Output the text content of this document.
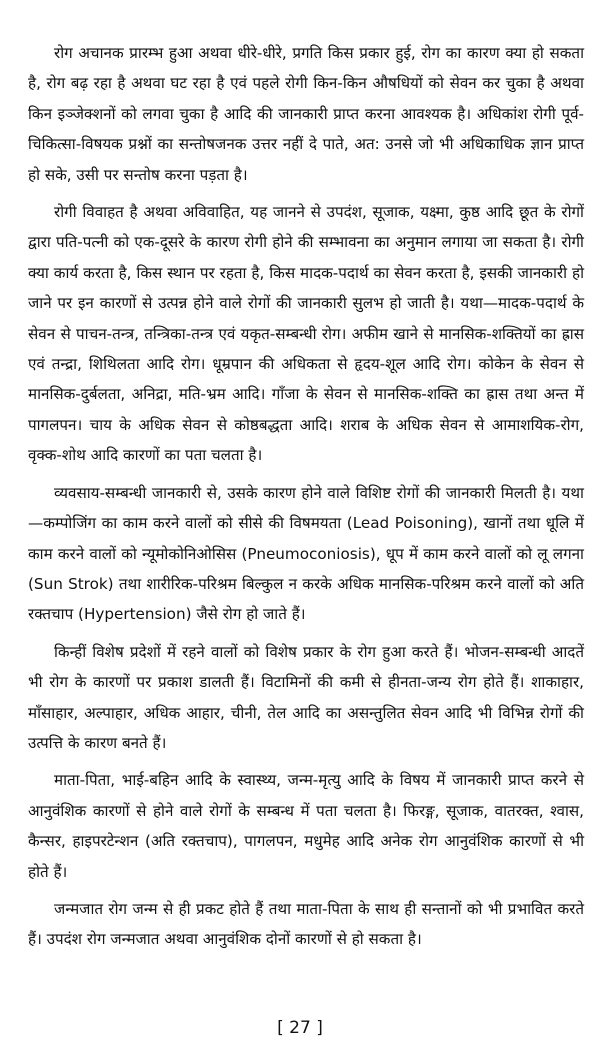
रोग अचानक प्रारम्भ हुआ अथवा धीरे-धीरे, प्रगति किस प्रकार हुई, रोग का कारण क्या हो सकता है, रोग बढ़ रहा है अथवा घट रहा है एवं पहले रोगी किन-किन औषधियों को सेवन कर चुका है अथवा किन इञ्जेक्शनों को लगवा चुका है आदि की जानकारी प्राप्त करना आवश्यक है। अधिकांश रोगी पूर्व-चिकित्सा-विषयक प्रश्नों का सन्तोषजनक उत्तर नहीं दे पाते, अत: उनसे जो भी अधिकाधिक ज्ञान प्राप्त हो सके, उसी पर सन्तोष करना पड़ता है।

रोगी विवाहत है अथवा अविवाहित, यह जानने से उपदंश, सूजाक, यक्ष्मा, कुष्ठ आदि छूत के रोगों द्वारा पति-पत्नी को एक-दूसरे के कारण रोगी होने की सम्भावना का अनुमान लगाया जा सकता है। रोगी क्या कार्य करता है, किस स्थान पर रहता है, किस मादक-पदार्थ का सेवन करता है, इसकी जानकारी हो जाने पर इन कारणों से उत्पन्न होने वाले रोगों की जानकारी सुलभ हो जाती है। यथा—मादक-पदार्थ के सेवन से पाचन-तन्त्र, तन्त्रिका-तन्त्र एवं यकृत-सम्बन्धी रोग। अफीम खाने से मानसिक-शक्तियों का ह्रास एवं तन्द्रा, शिथिलता आदि रोग। धूम्रपान की अधिकता से हृदय-शूल आदि रोग। कोकेन के सेवन से मानसिक-दुर्बलता, अनिद्रा, मति-भ्रम आदि। गाँजा के सेवन से मानसिक-शक्ति का ह्रास तथा अन्त में पागलपन। चाय के अधिक सेवन से कोष्ठबद्धता आदि। शराब के अधिक सेवन से आमाशयिक-रोग, वृक्क-शोथ आदि कारणों का पता चलता है।

व्यवसाय-सम्बन्धी जानकारी से, उसके कारण होने वाले विशिष्ट रोगों की जानकारी मिलती है। यथा—कम्पोजिंग का काम करने वालों को सीसे की विषमयता (Lead Poisoning), खानों तथा धूलि में काम करने वालों को न्यूमोकोनिओसिस (Pneumoconiosis), धूप में काम करने वालों को लू लगना (Sun Strok) तथा शारीरिक-परिश्रम बिल्कुल न करके अधिक मानसिक-परिश्रम करने वालों को अति रक्तचाप (Hypertension) जैसे रोग हो जाते हैं।

किन्हीं विशेष प्रदेशों में रहने वालों को विशेष प्रकार के रोग हुआ करते हैं। भोजन-सम्बन्धी आदतें भी रोग के कारणों पर प्रकाश डालती हैं। विटामिनों की कमी से हीनता-जन्य रोग होते हैं। शाकाहार, माँसाहार, अल्पाहार, अधिक आहार, चीनी, तेल आदि का असन्तुलित सेवन आदि भी विभिन्न रोगों की उत्पत्ति के कारण बनते हैं।

माता-पिता, भाई-बहिन आदि के स्वास्थ्य, जन्म-मृत्यु आदि के विषय में जानकारी प्राप्त करने से आनुवंशिक कारणों से होने वाले रोगों के सम्बन्ध में पता चलता है। फिरङ्ग, सूजाक, वातरक्त, श्वास, कैन्सर, हाइपरटेन्शन (अति रक्तचाप), पागलपन, मधुमेह आदि अनेक रोग आनुवंशिक कारणों से भी होते हैं।

जन्मजात रोग जन्म से ही प्रकट होते हैं तथा माता-पिता के साथ ही सन्तानों को भी प्रभावित करते हैं। उपदंश रोग जन्मजात अथवा आनुवंशिक दोनों कारणों से हो सकता है।

[ 27 ]
